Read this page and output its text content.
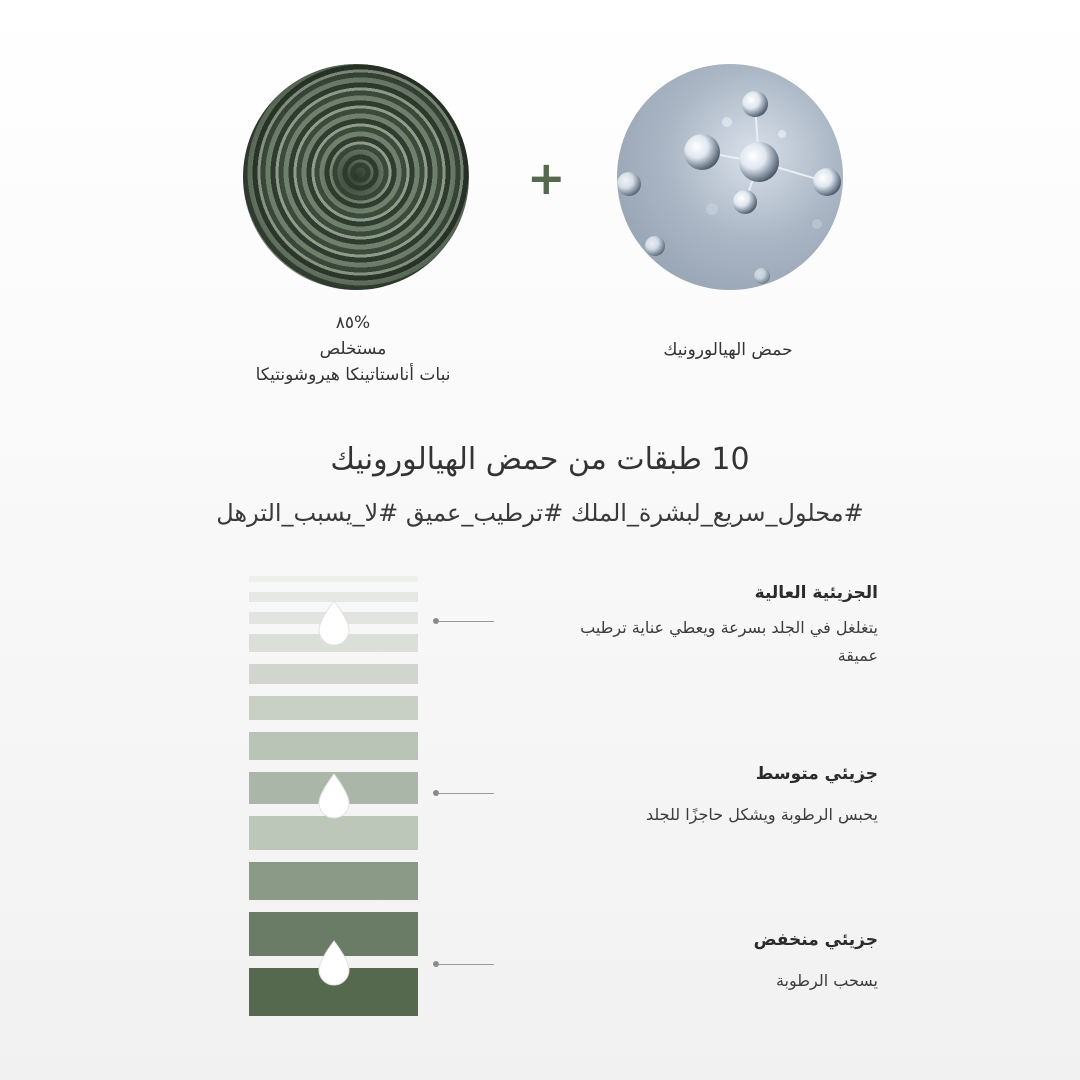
+
%٨٥
مستخلص
نبات أناستاتينكا هيروشونتيكا
حمض الهيالورونيك
10 طبقات من حمض الهيالورونيك
#محلول_سريع_لبشرة_الملك #ترطيب_عميق #لا_يسبب_الترهل
الجزيئية العالية
يتغلغل في الجلد بسرعة ويعطي عناية ترطيب عميقة
جزيئي متوسط
يحبس الرطوبة ويشكل حاجزًا للجلد
جزيئي منخفض
يسحب الرطوبة
